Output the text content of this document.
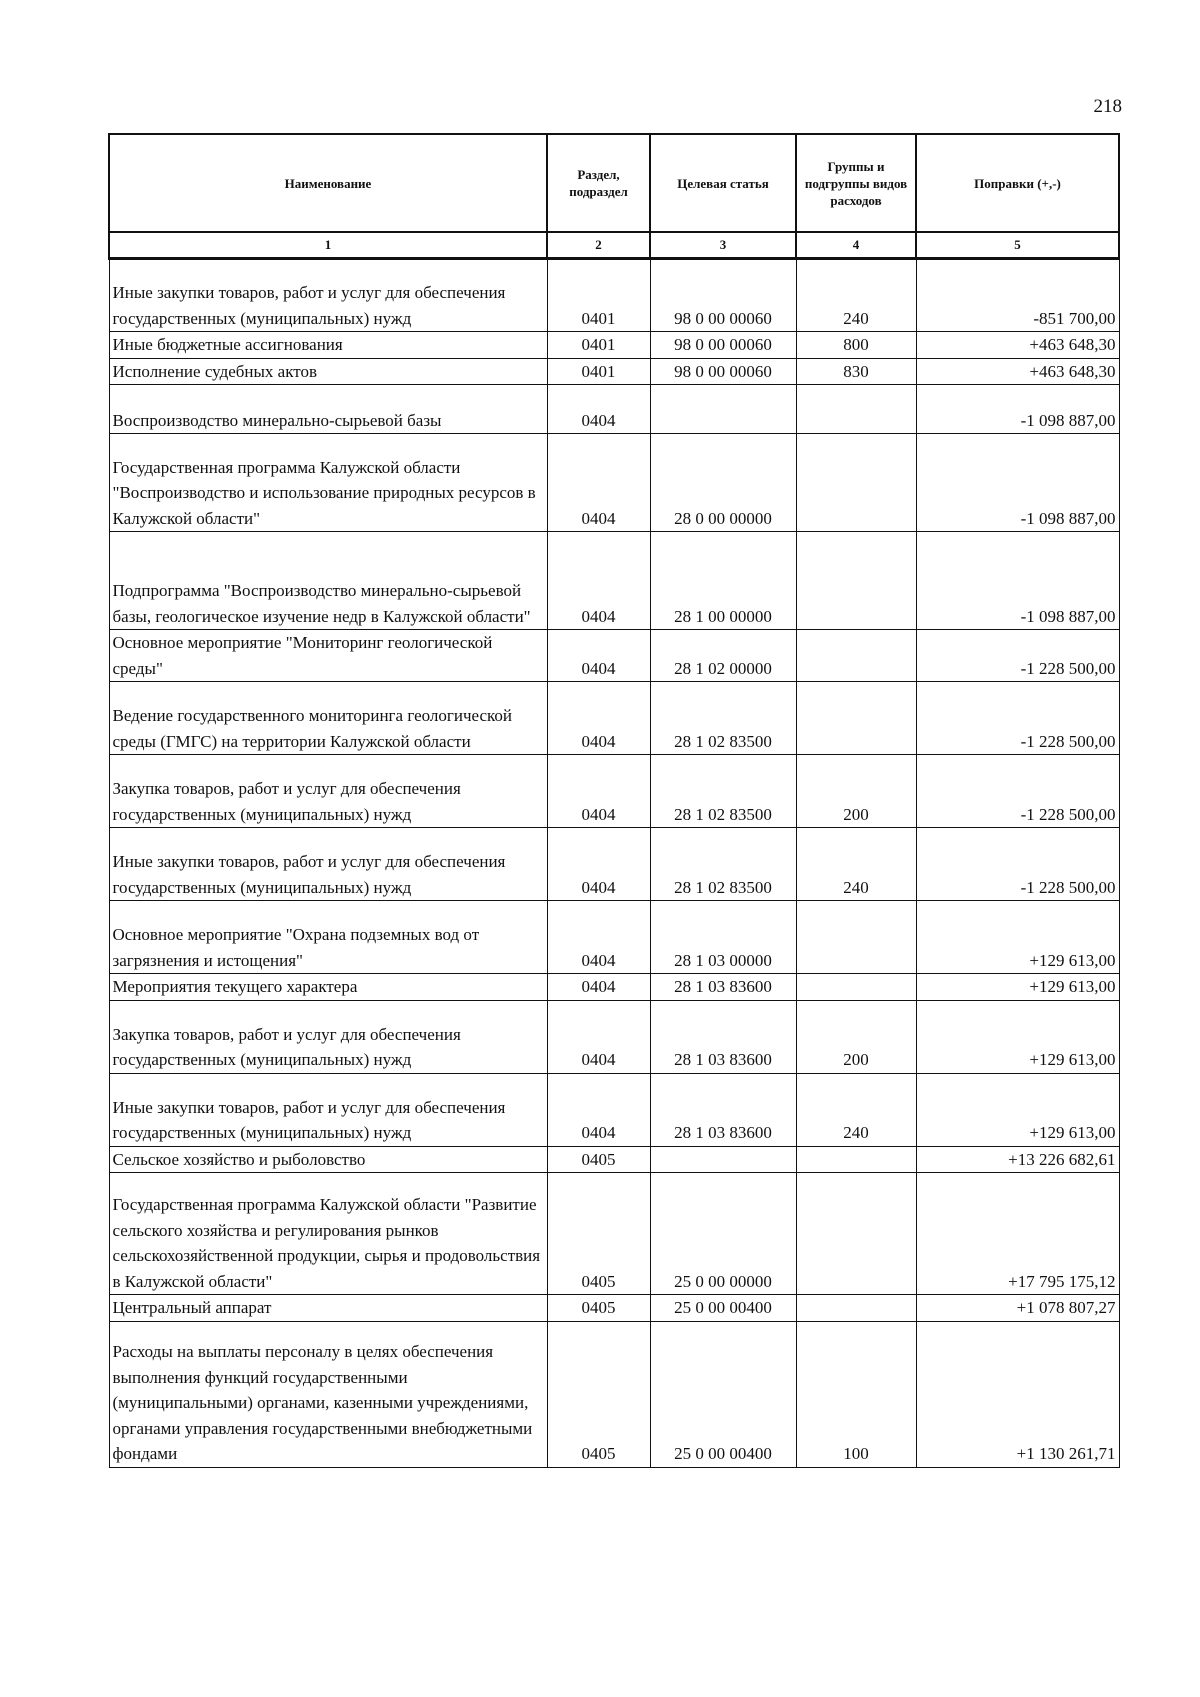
218
Наименование	Раздел, подраздел	Целевая статья	Группы и подгруппы видов расходов	Поправки (+,-)
1	2	3	4	5
Иные закупки товаров, работ и услуг для обеспечения государственных (муниципальных) нужд	0401	98 0 00 00060	240	-851 700,00
Иные бюджетные ассигнования	0401	98 0 00 00060	800	+463 648,30
Исполнение судебных актов	0401	98 0 00 00060	830	+463 648,30
Воспроизводство минерально-сырьевой базы	0404			-1 098 887,00
Государственная программа Калужской области "Воспроизводство и использование природных ресурсов в Калужской области"	0404	28 0 00 00000		-1 098 887,00
Подпрограмма "Воспроизводство минерально-сырьевой базы, геологическое изучение недр в Калужской области"	0404	28 1 00 00000		-1 098 887,00
Основное мероприятие "Мониторинг геологической среды"	0404	28 1 02 00000		-1 228 500,00
Ведение государственного мониторинга геологической среды (ГМГС) на территории Калужской области	0404	28 1 02 83500		-1 228 500,00
Закупка товаров, работ и услуг для обеспечения государственных (муниципальных) нужд	0404	28 1 02 83500	200	-1 228 500,00
Иные закупки товаров, работ и услуг для обеспечения государственных (муниципальных) нужд	0404	28 1 02 83500	240	-1 228 500,00
Основное мероприятие "Охрана подземных вод от загрязнения и истощения"	0404	28 1 03 00000		+129 613,00
Мероприятия текущего характера	0404	28 1 03 83600		+129 613,00
Закупка товаров, работ и услуг для обеспечения государственных (муниципальных) нужд	0404	28 1 03 83600	200	+129 613,00
Иные закупки товаров, работ и услуг для обеспечения государственных (муниципальных) нужд	0404	28 1 03 83600	240	+129 613,00
Сельское хозяйство и рыболовство	0405			+13 226 682,61
Государственная программа Калужской области "Развитие сельского хозяйства и регулирования рынков сельскохозяйственной продукции, сырья и продовольствия в Калужской области"	0405	25 0 00 00000		+17 795 175,12
Центральный аппарат	0405	25 0 00 00400		+1 078 807,27
Расходы на выплаты персоналу в целях обеспечения выполнения функций государственными (муниципальными) органами, казенными учреждениями, органами управления государственными внебюджетными фондами	0405	25 0 00 00400	100	+1 130 261,71
